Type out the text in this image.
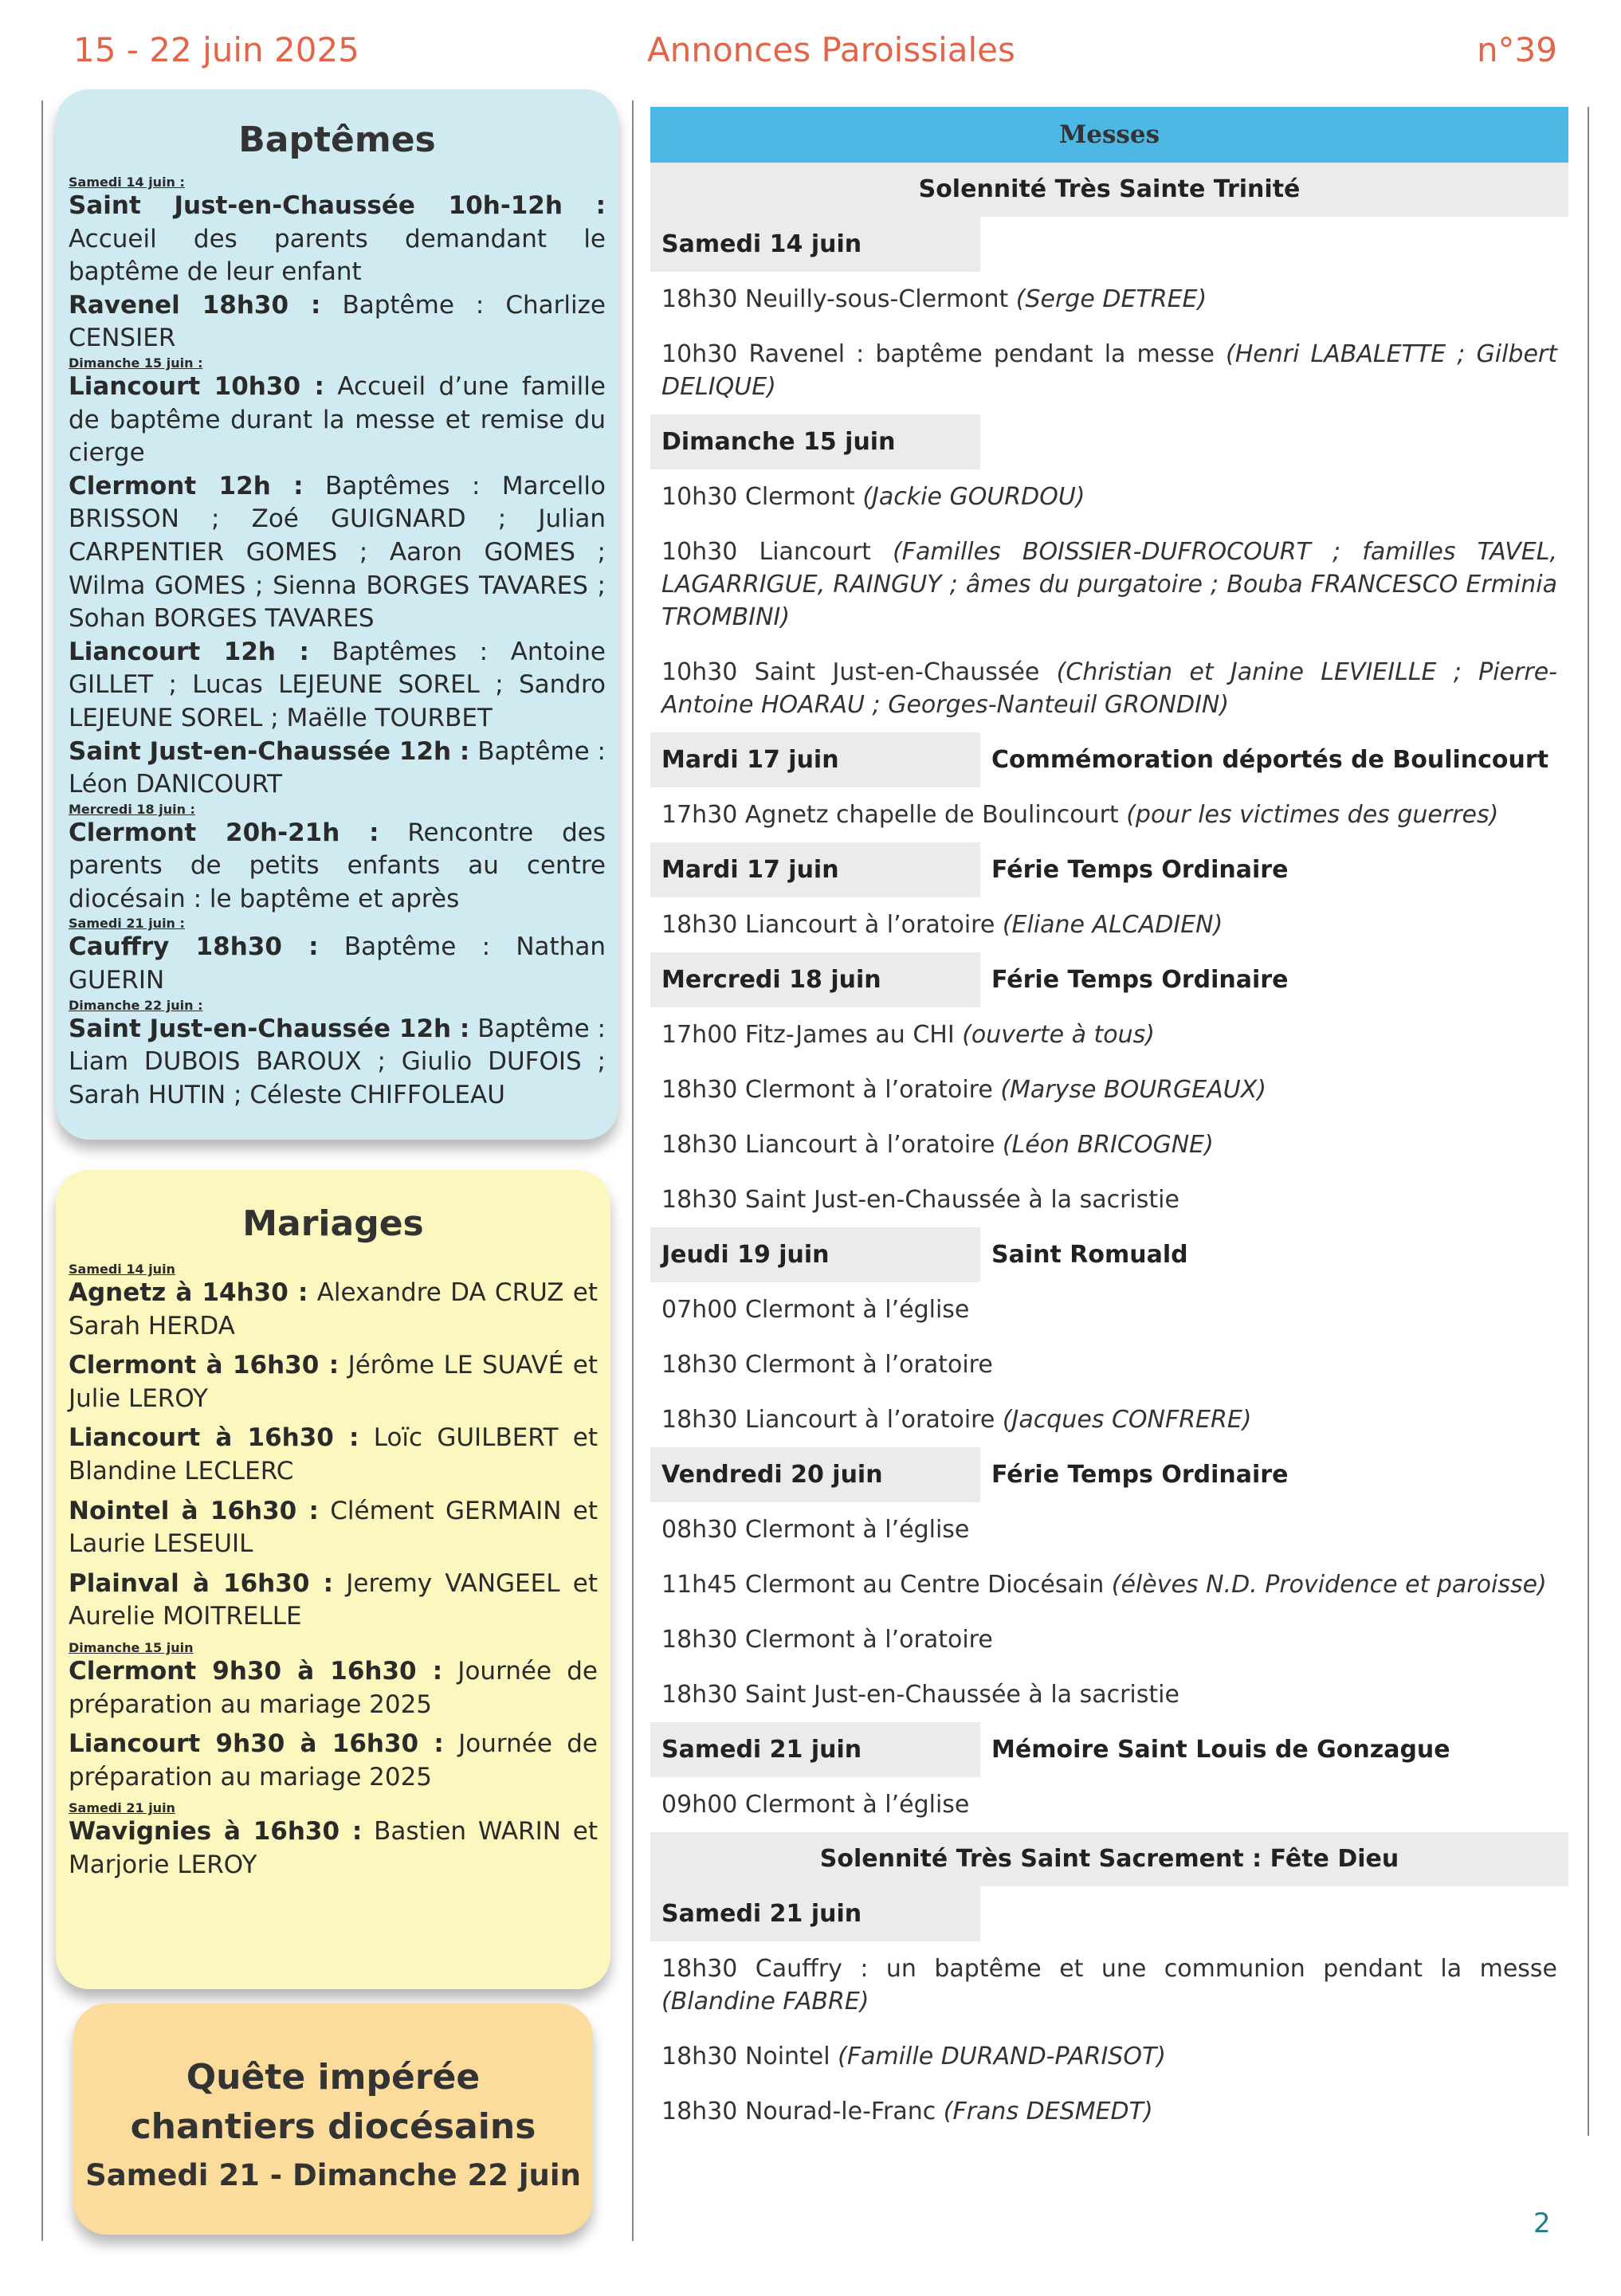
15 - 22 juin 2025	Annonces Paroissiales	n°39
Baptêmes
Samedi 14 juin :

Saint Just-en-Chaussée 10h-12h : Accueil des parents demandant le baptême de leur enfant

Ravenel 18h30 : Baptême : Charlize CENSIER

Dimanche 15 juin :

Liancourt 10h30 : Accueil d’une famille de baptême durant la messe et remise du cierge

Clermont 12h : Baptêmes : Marcello BRISSON ; Zoé GUIGNARD ; Julian CARPENTIER GOMES ; Aaron GOMES ; Wilma GOMES ; Sienna BORGES TAVARES ; Sohan BORGES TAVARES

Liancourt 12h : Baptêmes : Antoine GILLET ; Lucas LEJEUNE SOREL ; Sandro LEJEUNE SOREL ; Maëlle TOURBET

Saint Just-en-Chaussée 12h : Baptême : Léon DANICOURT

Mercredi 18 juin :

Clermont 20h-21h : Rencontre des parents de petits enfants au centre diocésain : le baptême et après

Samedi 21 juin :

Cauffry 18h30 : Baptême : Nathan GUERIN

Dimanche 22 juin :

Saint Just-en-Chaussée 12h : Baptême : Liam DUBOIS BAROUX ; Giulio DUFOIS ; Sarah HUTIN ; Céleste CHIFFOLEAU

Mariages
Samedi 14 juin

Agnetz à 14h30 : Alexandre DA CRUZ et Sarah HERDA

Clermont à 16h30 : Jérôme LE SUAVÉ et Julie LEROY

Liancourt à 16h30 : Loïc GUILBERT et Blandine LECLERC

Nointel à 16h30 : Clément GERMAIN et Laurie LESEUIL

Plainval à 16h30 : Jeremy VANGEEL et Aurelie MOITRELLE

Dimanche 15 juin

Clermont 9h30 à 16h30 : Journée de préparation au mariage 2025

Liancourt 9h30 à 16h30 : Journée de préparation au mariage 2025

Samedi 21 juin

Wavignies à 16h30 : Bastien WARIN et Marjorie LEROY

Quête impérée
chantiers diocésains
Samedi 21 - Dimanche 22 juin
Messes
Solennité Très Sainte Trinité
Samedi 14 juin
18h30 Neuilly-sous-Clermont (Serge DETREE)
10h30 Ravenel : baptême pendant la messe (Henri LABALETTE ; Gilbert DELIQUE)
Dimanche 15 juin
10h30 Clermont (Jackie GOURDOU)
10h30 Liancourt (Familles BOISSIER-DUFROCOURT ; familles TAVEL, LAGARRIGUE, RAINGUY ; âmes du purgatoire ; Bouba FRANCESCO Erminia TROMBINI)
10h30 Saint Just-en-Chaussée (Christian et Janine LEVIEILLE ; Pierre-Antoine HOARAU ; Georges-Nanteuil GRONDIN)
Mardi 17 juin	Commémoration déportés de Boulincourt
17h30 Agnetz chapelle de Boulincourt (pour les victimes des guerres)
Mardi 17 juin	Férie Temps Ordinaire
18h30 Liancourt à l’oratoire (Eliane ALCADIEN)
Mercredi 18 juin	Férie Temps Ordinaire
17h00 Fitz-James au CHI (ouverte à tous)
18h30 Clermont à l’oratoire (Maryse BOURGEAUX)
18h30 Liancourt à l’oratoire (Léon BRICOGNE)
18h30 Saint Just-en-Chaussée à la sacristie
Jeudi 19 juin	Saint Romuald
07h00 Clermont à l’église
18h30 Clermont à l’oratoire
18h30 Liancourt à l’oratoire (Jacques CONFRERE)
Vendredi 20 juin	Férie Temps Ordinaire
08h30 Clermont à l’église
11h45 Clermont au Centre Diocésain (élèves N.D. Providence et paroisse)
18h30 Clermont à l’oratoire
18h30 Saint Just-en-Chaussée à la sacristie
Samedi 21 juin	Mémoire Saint Louis de Gonzague
09h00 Clermont à l’église
Solennité Très Saint Sacrement : Fête Dieu
Samedi 21 juin
18h30 Cauffry : un baptême et une communion pendant la messe (Blandine FABRE)
18h30 Nointel (Famille DURAND-PARISOT)
18h30 Nourad-le-Franc (Frans DESMEDT)
2
